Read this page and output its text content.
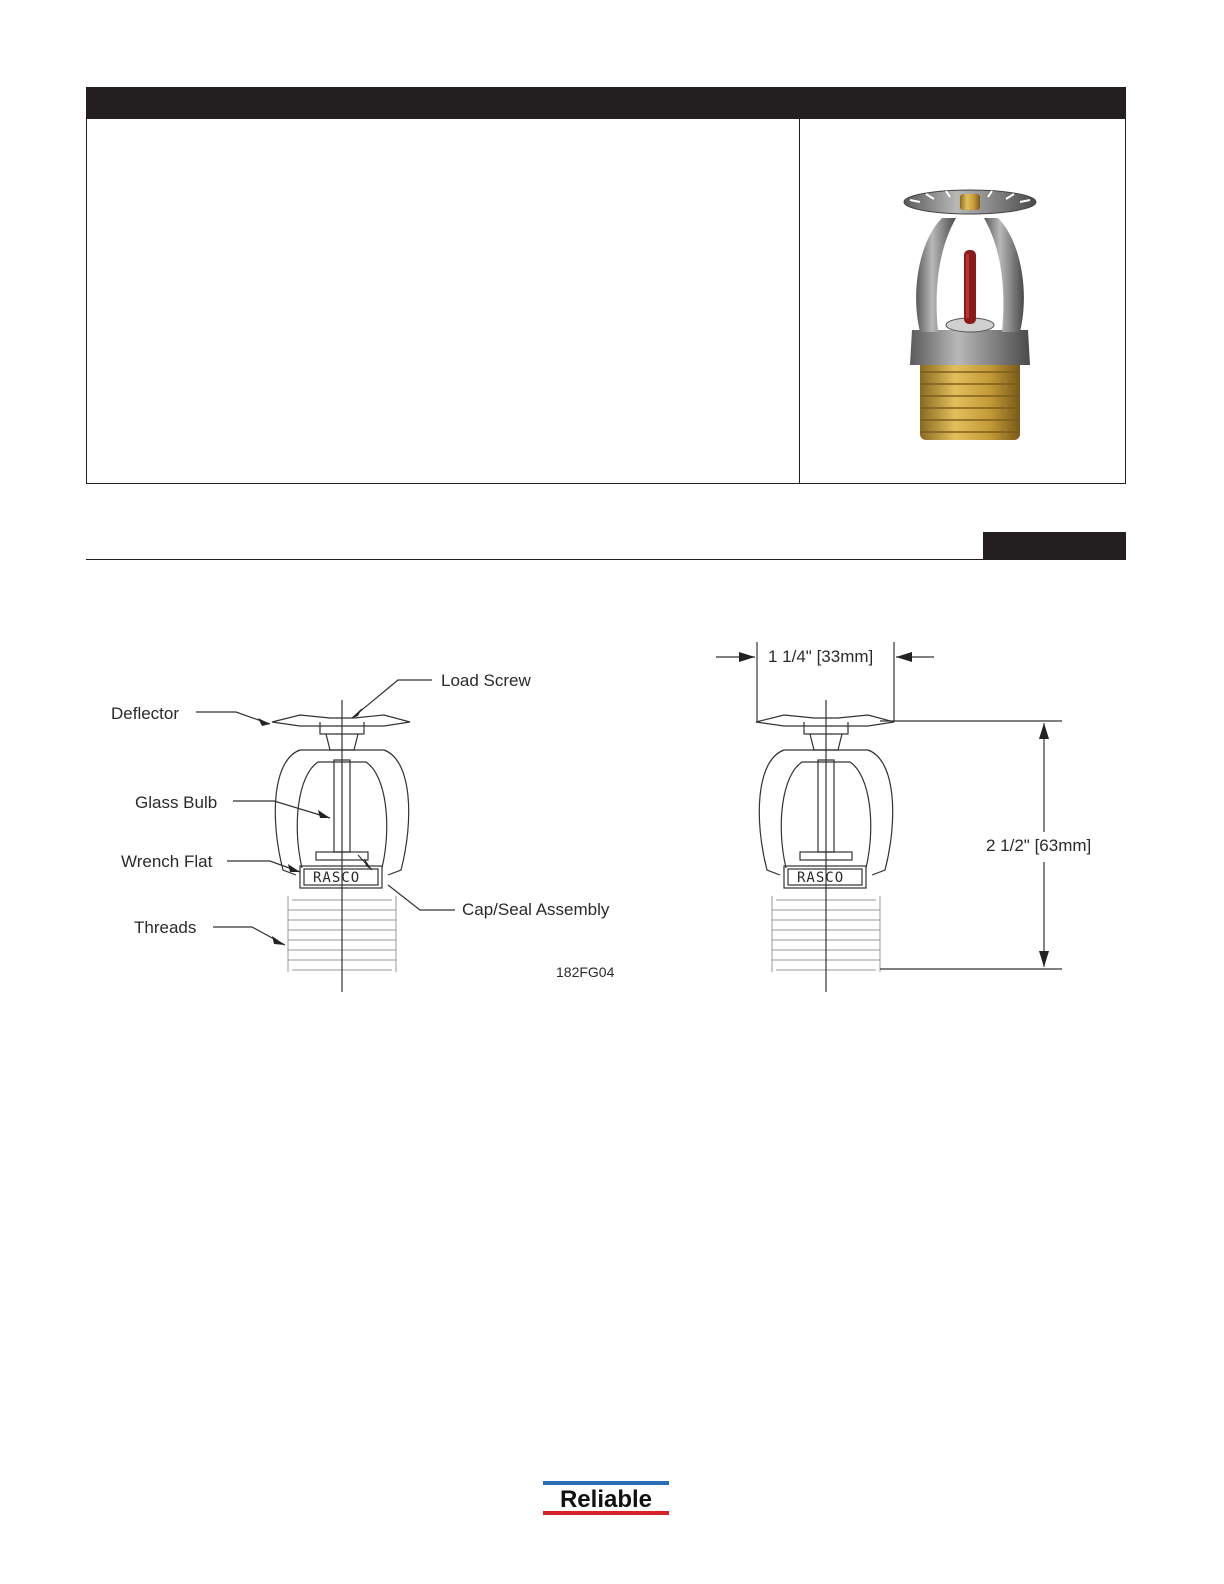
Load Screw
Deflector
Glass Bulb
Wrench Flat
Threads
Cap/Seal Assembly
182FG04
1 1/4" [33mm]
2 1/2" [63mm]
RASCO	RASCO
Reliable
